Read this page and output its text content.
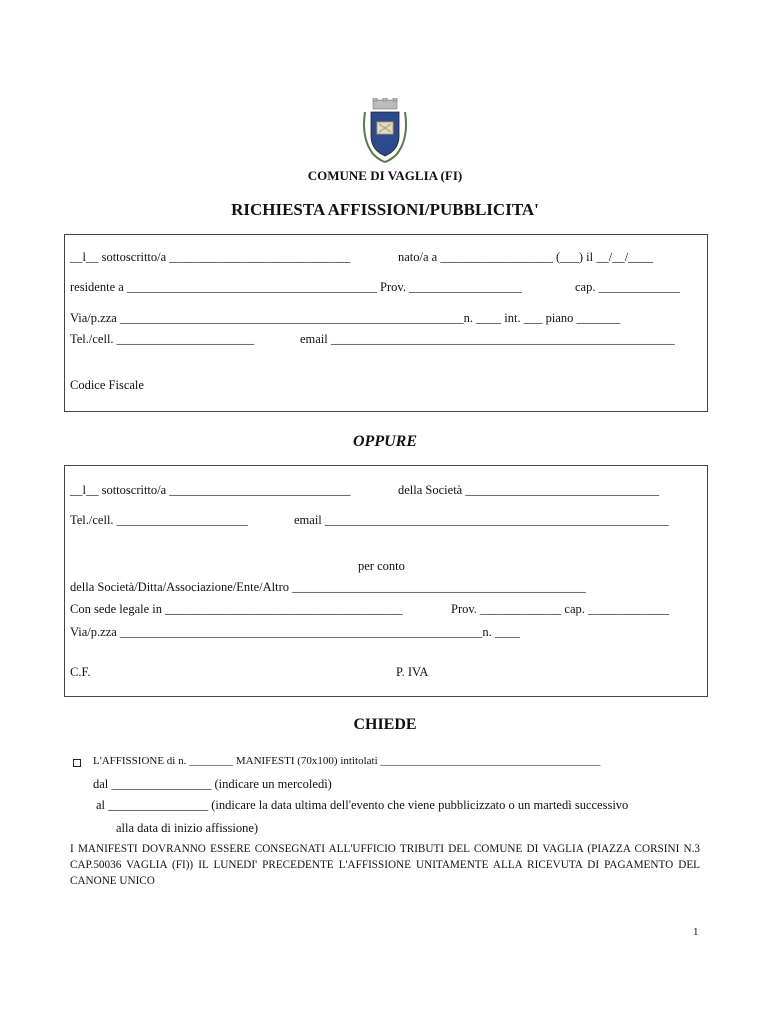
COMUNE DI VAGLIA (FI)
RICHIESTA AFFISSIONI/PUBBLICITA'
__l__ sottoscritto/a _____________________________	nato/a a __________________ (___) il __/__/____
residente a ________________________________________ Prov. __________________	cap. _____________
Via/p.zza _______________________________________________________n. ____ int. ___ piano _______
Tel./cell. ______________________	email _______________________________________________________
Codice Fiscale
OPPURE
__l__ sottoscritto/a _____________________________	della Società _______________________________
Tel./cell. _____________________	email _______________________________________________________
per conto
della Società/Ditta/Associazione/Ente/Altro _______________________________________________
Con sede legale in ______________________________________	Prov. _____________ cap. _____________
Via/p.zza __________________________________________________________n. ____
C.F.	P. IVA
CHIEDE
L'AFFISSIONE di n. ________ MANIFESTI (70x100) intitolati ________________________________________
dal ________________ (indicare un mercoledì)
al ________________ (indicare la data ultima dell'evento che viene pubblicizzato o un martedì successivo
alla data di inizio affissione)
I MANIFESTI DOVRANNO ESSERE CONSEGNATI ALL'UFFICIO TRIBUTI DEL COMUNE DI VAGLIA (PIAZZA CORSINI N.3 CAP.50036 VAGLIA (FI)) IL LUNEDI' PRECEDENTE L'AFFISSIONE UNITAMENTE ALLA RICEVUTA DI PAGAMENTO DEL CANONE UNICO
1
